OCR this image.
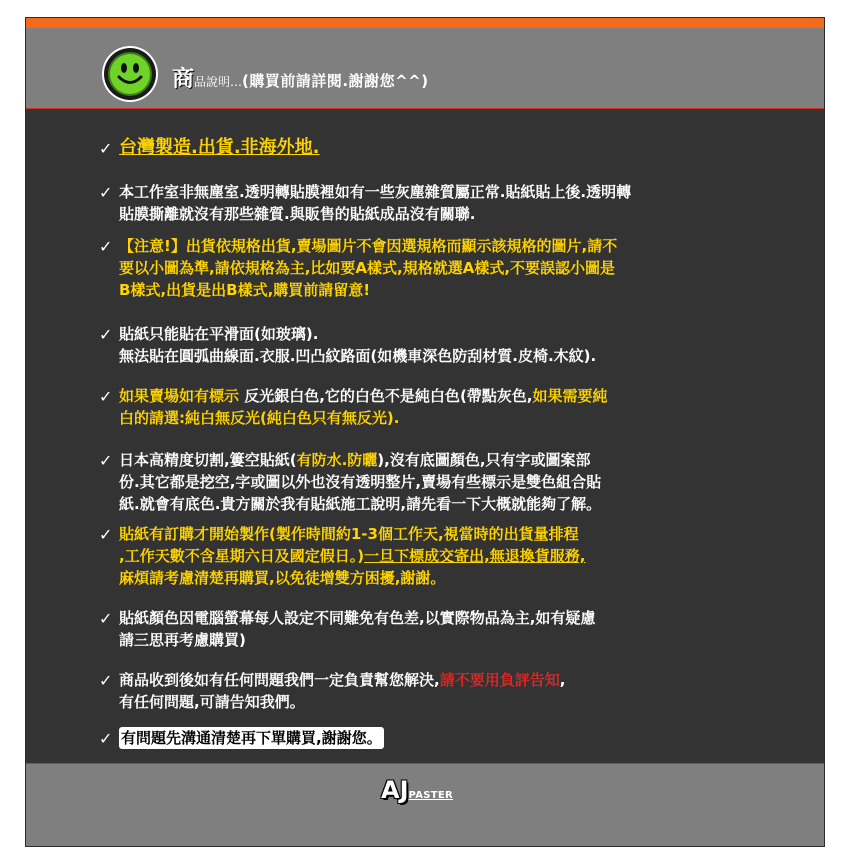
商品說明…(購買前請詳閱.謝謝您^^)
✓ 台灣製造.出貨.非海外地.
✓ 本工作室非無塵室.透明轉貼膜裡如有一些灰塵雜質屬正常.貼紙貼上後.透明轉
貼膜撕離就沒有那些雜質.與販售的貼紙成品沒有關聯.
✓ 【注意!】出貨依規格出貨,賣場圖片不會因選規格而顯示該規格的圖片,請不
要以小圖為準,請依規格為主,比如要A樣式,規格就選A樣式,不要誤認小圖是
B樣式,出貨是出B樣式,購買前請留意!
✓ 貼紙只能貼在平滑面(如玻璃).
無法貼在圓弧曲線面.衣服.凹凸紋路面(如機車深色防刮材質.皮椅.木紋).
✓ 如果賣場如有標示 反光銀白色,它的白色不是純白色(帶點灰色,如果需要純
白的請選:純白無反光(純白色只有無反光).
✓ 日本高精度切割,簍空貼紙(有防水.防曬),沒有底圖顏色,只有字或圖案部
份.其它都是挖空,字或圖以外也沒有透明整片,賣場有些標示是雙色組合貼
紙.就會有底色.貴方關於我有貼紙施工說明,請先看一下大概就能夠了解。
✓ 貼紙有訂購才開始製作(製作時間約1-3個工作天,視當時的出貨量排程
,工作天數不含星期六日及國定假日。)一旦下標成交寄出,無退換貨服務,
麻煩請考慮清楚再購買,以免徒增雙方困擾,謝謝。
✓ 貼紙顏色因電腦螢幕每人設定不同難免有色差,以實際物品為主,如有疑慮
請三思再考慮購買)
✓ 商品收到後如有任何問題我們一定負責幫您解決,請不要用負評告知,
有任何問題,可請告知我們。
✓ 有問題先溝通清楚再下單購買,謝謝您。
AJPASTER
